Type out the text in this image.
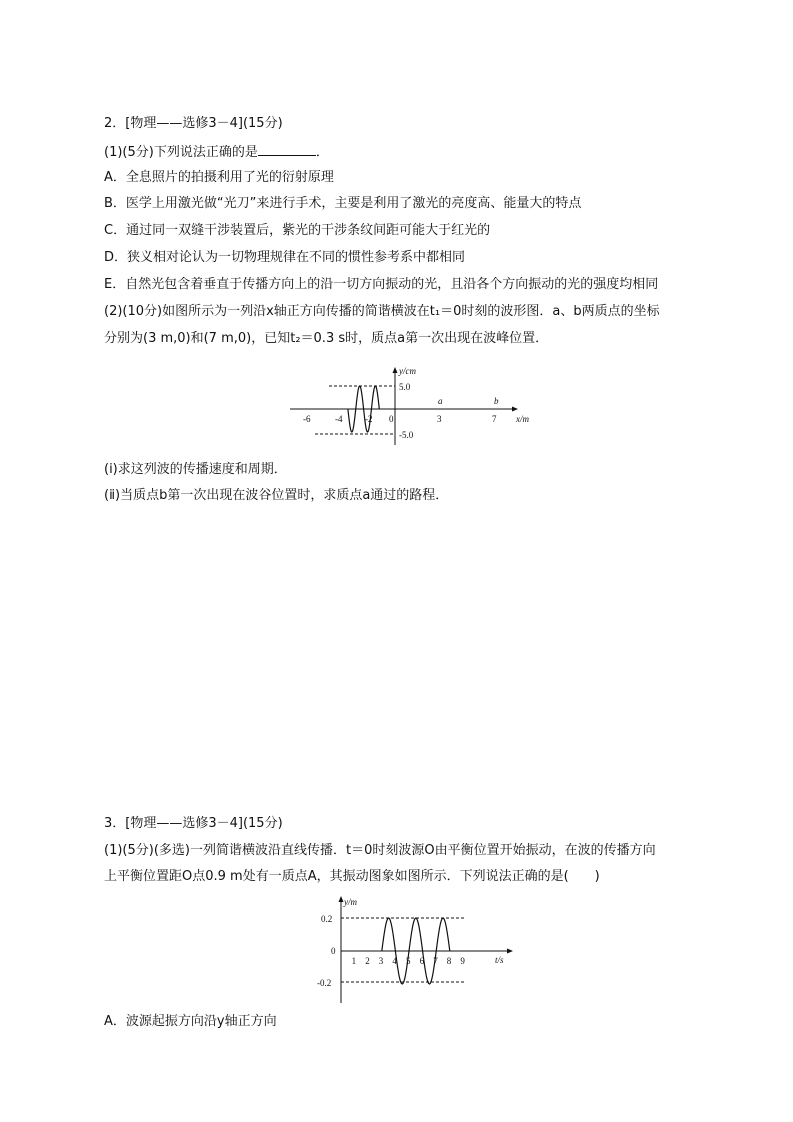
2．[物理——选修3－4](15分)
(1)(5分)下列说法正确的是	．
A．全息照片的拍摄利用了光的衍射原理
B．医学上用激光做“光刀”来进行手术，主要是利用了激光的亮度高、能量大的特点
C．通过同一双缝干涉装置后，紫光的干涉条纹间距可能大于红光的
D．狭义相对论认为一切物理规律在不同的惯性参考系中都相同
E．自然光包含着垂直于传播方向上的沿一切方向振动的光，且沿各个方向振动的光的强度均相同
(2)(10分)如图所示为一列沿x轴正方向传播的简谐横波在t₁＝0时刻的波形图．a、b两质点的坐标
分别为(3 m,0)和(7 m,0)，已知t₂＝0.3 s时，质点a第一次出现在波峰位置．
y/cm
x/m
5.0
-5.0
-6	-4	-2 0	3	7
a	b
(ⅰ)求这列波的传播速度和周期．
(ⅱ)当质点b第一次出现在波谷位置时，求质点a通过的路程．
3．[物理——选修3－4](15分)
(1)(5分)(多选)一列简谐横波沿直线传播．t＝0时刻波源O由平衡位置开始振动，在波的传播方向
上平衡位置距O点0.9 m处有一质点A，其振动图象如图所示．下列说法正确的是(　　)
y/m
t/s
0.2
0
-0.2
1 2 3 4 5 6 7 8 9
A．波源起振方向沿y轴正方向
